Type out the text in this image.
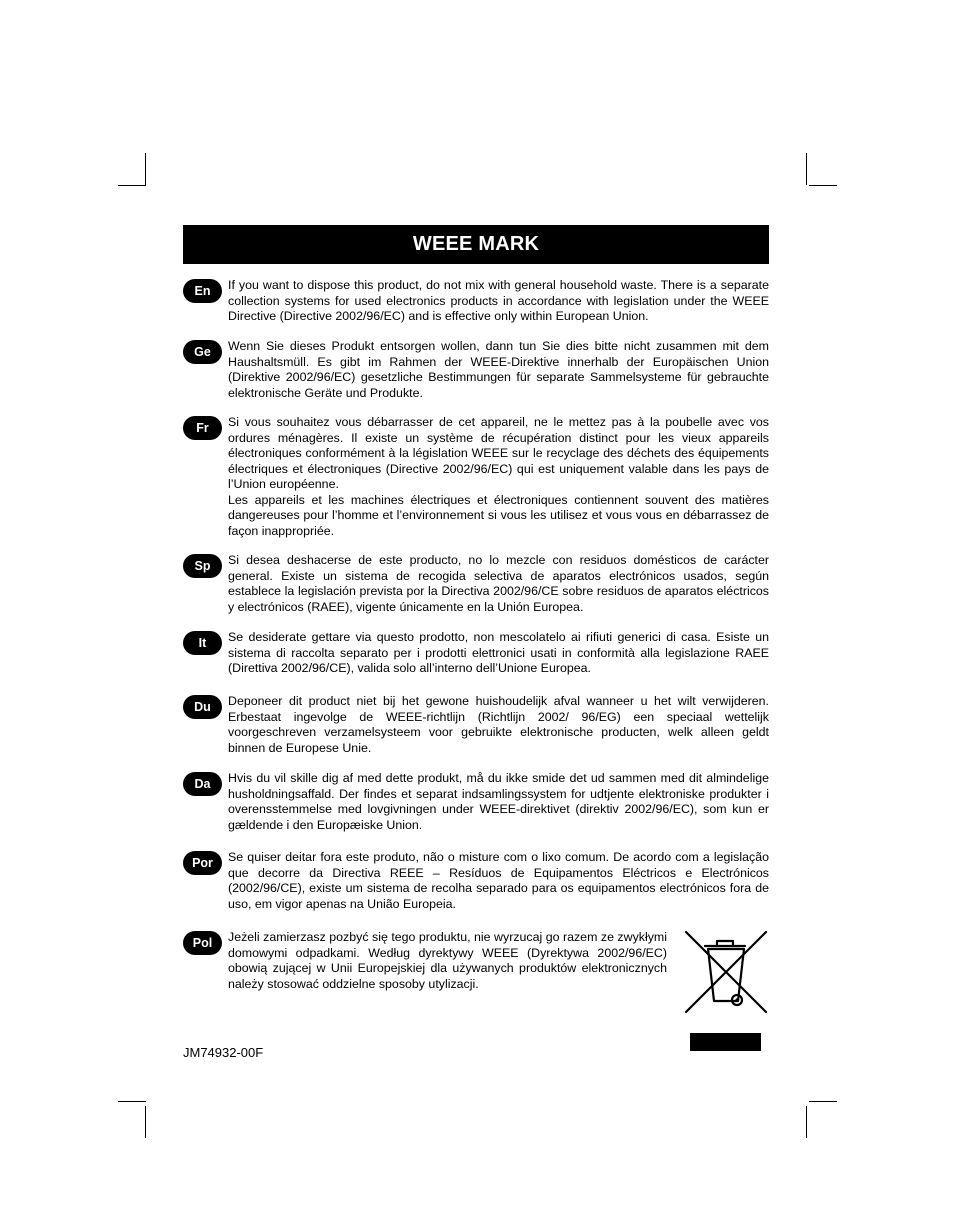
WEEE MARK
En	If you want to dispose this product, do not mix with general household waste. There is a separate collection systems for used electronics products in accordance with legislation under the WEEE Directive (Directive 2002/96/EC) and is effective only within European Union.

Ge	Wenn Sie dieses Produkt entsorgen wollen, dann tun Sie dies bitte nicht zusammen mit dem Haushaltsmüll. Es gibt im Rahmen der WEEE-Direktive innerhalb der Europäischen Union (Direktive 2002/96/EC) gesetzliche Bestimmungen für separate Sammelsysteme für gebrauchte elektronische Geräte und Produkte.

Fr	Si vous souhaitez vous débarrasser de cet appareil, ne le mettez pas à la poubelle avec vos ordures ménagères. Il existe un système de récupération distinct pour les vieux appareils électroniques conformément à la législation WEEE sur le recyclage des déchets des équipements électriques et électroniques (Directive 2002/96/EC) qui est uniquement valable dans les pays de l’Union européenne.

Les appareils et les machines électriques et électroniques contiennent souvent des matières dangereuses pour l’homme et l’environnement si vous les utilisez et vous vous en débarrassez de façon inappropriée.

Sp	Si desea deshacerse de este producto, no lo mezcle con residuos domésticos de carácter general. Existe un sistema de recogida selectiva de aparatos electrónicos usados, según establece la legislación prevista por la Directiva 2002/96/CE sobre residuos de aparatos eléctricos y electrónicos (RAEE), vigente únicamente en la Unión Europea.

It	Se desiderate gettare via questo prodotto, non mescolatelo ai rifiuti generici di casa. Esiste un sistema di raccolta separato per i prodotti elettronici usati in conformità alla legislazione RAEE (Direttiva 2002/96/CE), valida solo all’interno dell’Unione Europea.

Du	Deponeer dit product niet bij het gewone huishoudelijk afval wanneer u het wilt verwijderen. Erbestaat ingevolge de WEEE-richtlijn (Richtlijn 2002/ 96/EG) een speciaal wettelijk voorgeschreven verzamelsysteem voor gebruikte elektronische producten, welk alleen geldt binnen de Europese Unie.

Da	Hvis du vil skille dig af med dette produkt, må du ikke smide det ud sammen med dit almindelige husholdningsaffald. Der findes et separat indsamlingssystem for udtjente elektroniske produkter i overensstemmelse med lovgivningen under WEEE-direktivet (direktiv 2002/96/EC), som kun er gældende i den Europæiske Union.

Por	Se quiser deitar fora este produto, não o misture com o lixo comum. De acordo com a legislação que decorre da Directiva REEE – Resíduos de Equipamentos Eléctricos e Electrónicos (2002/96/CE), existe um sistema de recolha separado para os equipamentos electrónicos fora de uso, em vigor apenas na União Europeia.

Pol	Jeżeli zamierzasz pozbyć się tego produktu, nie wyrzucaj go razem ze zwykłymi domowymi odpadkami. Według dyrektywy WEEE (Dyrektywa 2002/96/EC) obowią zującej w Unii Europejskiej dla używanych produktów elektronicznych należy stosować oddzielne sposoby utylizacji.

JM74932-00F
